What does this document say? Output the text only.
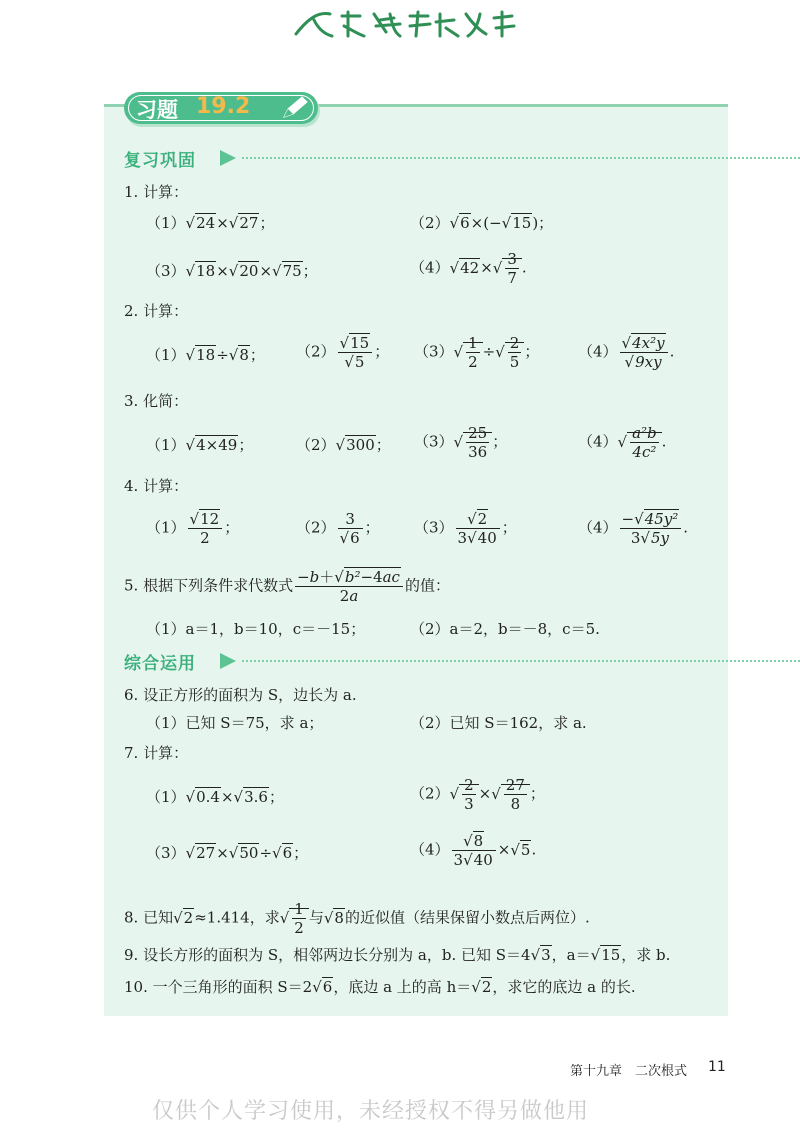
习题 19.2
复习巩固
1. 计算：
（1） √ 24× √ 27；	（2） √ 6×(− √ 15)；
（3） √ 18× √ 20× √ 75；	（4） √ 42× √ $\frac{3}{7}$ .
2. 计算：
（1） √ 18÷ √ 8； （2） √ 15
√ 5 ； （3） √ $\frac{1}{2}$ ÷ √ $\frac{2}{5}$ ；	（4） √ 4x²y
√ 9xy .
3. 化简：
（1） √ 4×49；	（2） √ 300； （3） √ $\frac{25}{36}$ ；	（4） √ $\frac{\text{a²b}}{\text{4c²}}$ .
4. 计算：
（1） √ $\frac{12}{2}$ ；	（2） 3
√ 6 ； （3） √ $\frac{2}{3 √ 40}$ ；	$(4) \frac{\text{− √ 45y²}}{3 √ 5y}$ .
5. 根据下列条件求代数式 $\frac{\text{−b＋ √ b²−4ac}}{2a}$ 的值：
（1）a＝1，b＝10，c＝－15；	（2）a＝2，b＝－8，c＝5.
综合运用
6. 设正方形的面积为 S，边长为 a.
（1）已知 S＝75，求 a；	（2）已知 S＝162，求 a.
7. 计算：
（1） √ 0.4× √ 3.6；	（2） √ $\frac{2}{3}$ × √ $\frac{27}{8}$ ；
（3） √ 27× √ 50÷ √ 6；	（4） √ $\frac{8}{3 √ 40}$ × √ 5.
8. 已知 √ 2≈1.414，求 √ $\frac{1}{2}$ 与 √ 8的近似值（结果保留小数点后两位）.
9. 设长方形的面积为 S，相邻两边长分别为 a，b. 已知 S＝4 √ 3，a＝ √ 15，求 b.
10. 一个三角形的面积 S＝2 √ 6，底边 a 上的高 h＝ √ 2，求它的底边 a 的长.
第十九章　二次根式 11
仅供个人学习使用，未经授权不得另做他用
